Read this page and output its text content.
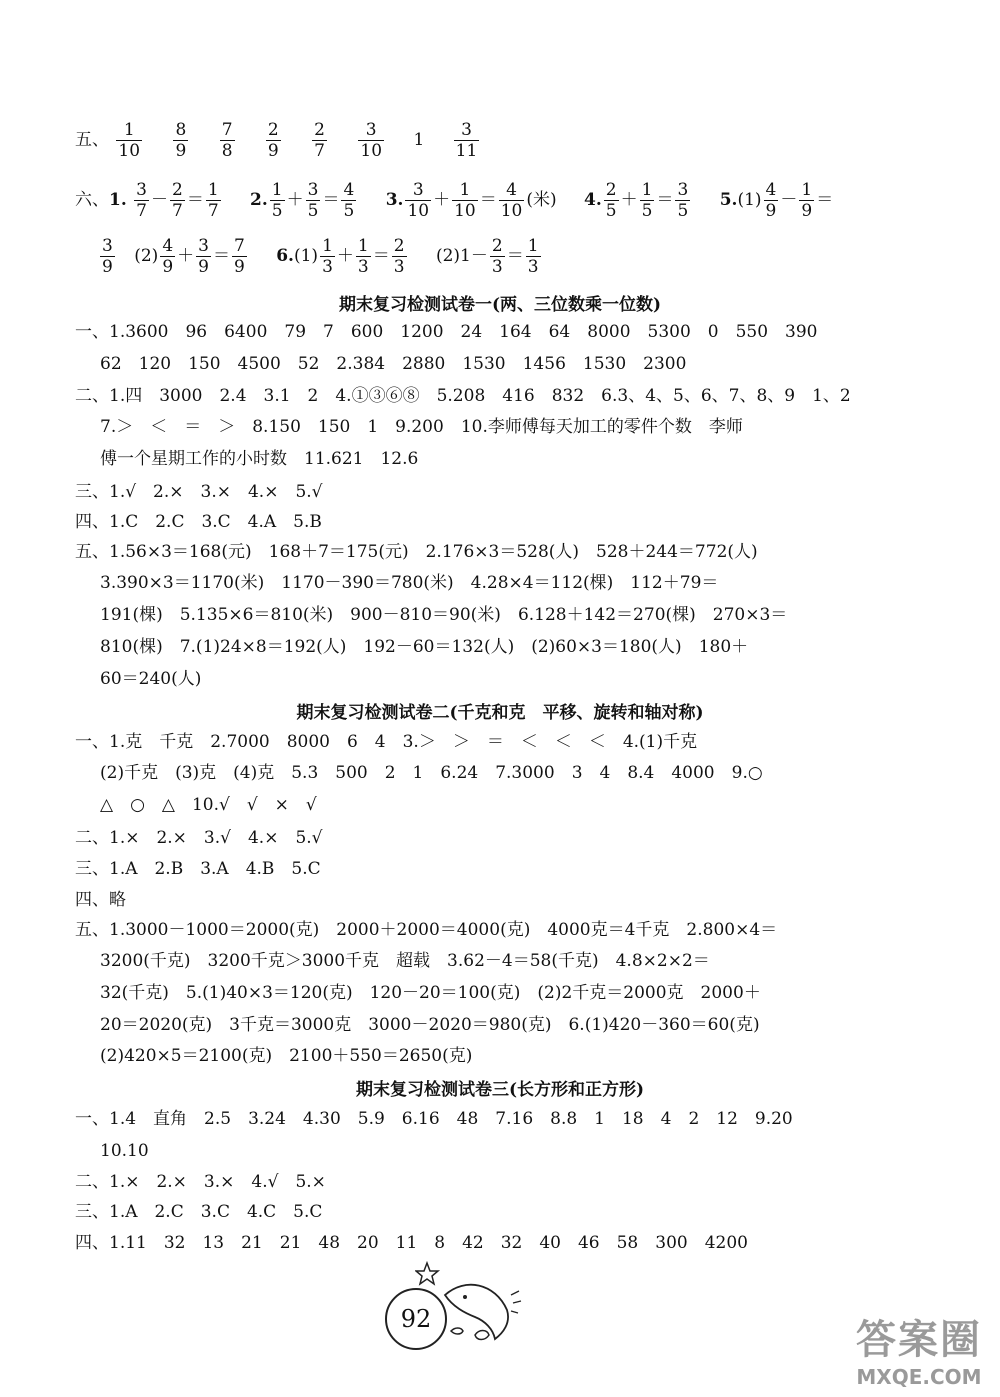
五、 $\frac{1}{10}$
$\frac{8}{9}$
$\frac{7}{8}$
$\frac{2}{9}$
$\frac{2}{7}$
$\frac{3}{10} 1 \frac{3}{11}$
六、1. $\frac{3}{7} - \frac{2}{7} = \frac{1}{7} 2$. $\frac{1}{5} + \frac{3}{5} = \frac{4}{5} 3$. $\frac{3}{10} + \frac{1}{10} = \frac{4}{10}$ (米) 4. $\frac{2}{5} + \frac{1}{5} = \frac{3}{5} 5.(1) \frac{4}{9} - \frac{1}{9}$ ＝
$\frac{3}{9} (2) \frac{4}{9} + \frac{3}{9} = \frac{7}{9} 6.(1) \frac{1}{3} + \frac{1}{3} = \frac{2}{3} (2)1- \frac{2}{3} = \frac{1}{3}$
期末复习检测试卷一(两、三位数乘一位数)
一、1.3600　96　6400　79　7　600　1200　24　164　64　8000　5300　0　550　390
62　120　150　4500　52　2.384　2880　1530　1456　1530　2300
二、1.四　3000　2.4　3.1　2　4.①③⑥⑧　5.208　416　832　6.3、4、5、6、7、8、9　1、2
7.＞　＜　＝　＞　8.150　150　1　9.200　10.李师傅每天加工的零件个数　李师
傅一个星期工作的小时数　11.621　12.6
三、1.√　2.×　3.×　4.×　5.√
四、1.C　2.C　3.C　4.A　5.B
五、1.56×3＝168(元)　168＋7＝175(元)　2.176×3＝528(人)　528＋244＝772(人)
3.390×3＝1170(米)　1170－390＝780(米)　4.28×4＝112(棵)　112＋79＝
191(棵)　5.135×6＝810(米)　900－810＝90(米)　6.128＋142＝270(棵)　270×3＝
810(棵)　7.(1)24×8＝192(人)　192－60＝132(人)　(2)60×3＝180(人)　180＋
60＝240(人)
期末复习检测试卷二(千克和克　平移、旋转和轴对称)
一、1.克　千克　2.7000　8000　6　4　3.＞　＞　＝　＜　＜　＜　4.(1)千克
(2)千克　(3)克　(4)克　5.3　500　2　1　6.24　7.3000　3　4　8.4　4000　9.○
△　○　△　10.√　√　×　√
二、1.×　2.×　3.√　4.×　5.√
三、1.A　2.B　3.A　4.B　5.C
四、略
五、1.3000－1000＝2000(克)　2000＋2000＝4000(克)　4000克＝4千克　2.800×4＝
3200(千克)　3200千克＞3000千克　超载　3.62－4＝58(千克)　4.8×2×2＝
32(千克)　5.(1)40×3＝120(克)　120－20＝100(克)　(2)2千克＝2000克　2000＋
20＝2020(克)　3千克＝3000克　3000－2020＝980(克)　6.(1)420－360＝60(克)
(2)420×5＝2100(克)　2100＋550＝2650(克)
期末复习检测试卷三(长方形和正方形)
一、1.4　直角　2.5　3.24　4.30　5.9　6.16　48　7.16　8.8　1　18　4　2　12　9.20
10.10
二、1.×　2.×　3.×　4.√　5.×
三、1.A　2.C　3.C　4.C　5.C
四、1.11　32　13　21　21　48　20　11　8　42　32　40　46　58　300　4200
92	答案圈
MXQE.COM
